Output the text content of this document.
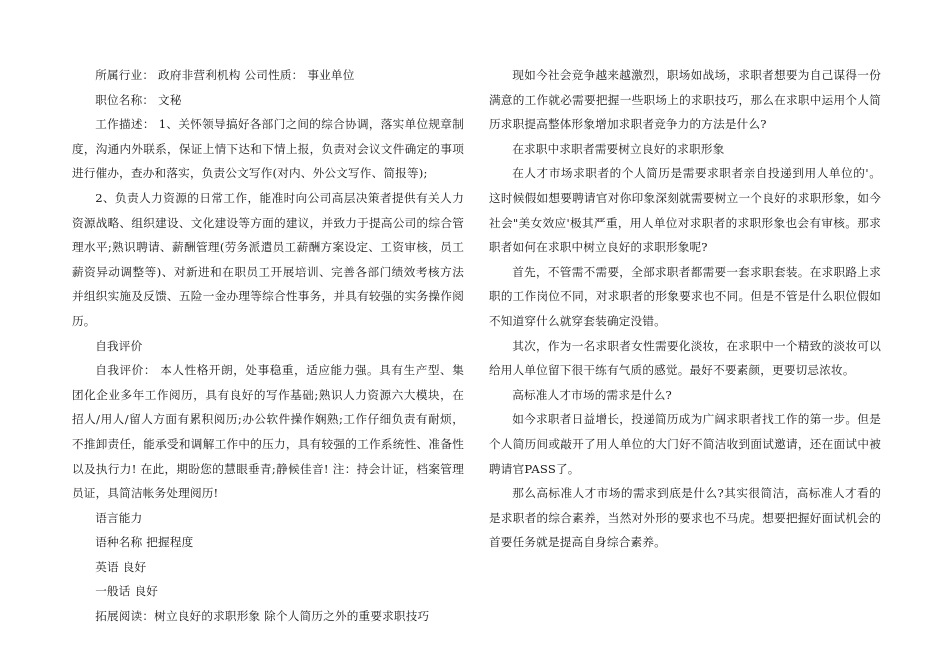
所属行业： 政府非营利机构 公司性质： 事业单位

职位名称： 文秘

工作描述： 1、关怀领导搞好各部门之间的综合协调，落实单位规章制度，沟通内外联系，保证上情下达和下情上报，负责对会议文件确定的事项进行催办，查办和落实，负责公文写作(对内、外公文写作、简报等);

2、负责人力资源的日常工作，能准时向公司高层决策者提供有关人力资源战略、组织建设、文化建设等方面的建议，并致力于提高公司的综合管理水平;熟识聘请、薪酬管理(劳务派遣员工薪酬方案设定、工资审核，员工薪资异动调整等)、对新进和在职员工开展培训、完善各部门绩效考核方法并组织实施及反馈、五险一金办理等综合性事务，并具有较强的实务操作阅历。

自我评价

自我评价： 本人性格开朗，处事稳重，适应能力强。具有生产型、集团化企业多年工作阅历，具有良好的写作基础;熟识人力资源六大模块，在招人/用人/留人方面有累积阅历;办公软件操作娴熟;工作仔细负责有耐烦，不推卸责任，能承受和调解工作中的压力，具有较强的工作系统性、准备性以及执行力! 在此，期盼您的慧眼垂青;静候佳音! 注：持会计证，档案管理员证，具简洁帐务处理阅历!

语言能力

语种名称 把握程度

英语 良好

一般话 良好

拓展阅读：树立良好的求职形象 除个人简历之外的重要求职技巧

现如今社会竞争越来越激烈，职场如战场，求职者想要为自己谋得一份满意的工作就必需要把握一些职场上的求职技巧，那么在求职中运用个人简历求职提高整体形象增加求职者竞争力的方法是什么?

在求职中求职者需要树立良好的求职形象

在人才市场求职者的个人简历是需要求职者亲自投递到用人单位的'。这时候假如想要聘请官对你印象深刻就需要树立一个良好的求职形象，如今社会"美女效应'极其严重，用人单位对求职者的求职形象也会有审核。那求职者如何在求职中树立良好的求职形象呢?

首先，不管需不需要，全部求职者都需要一套求职套装。在求职路上求职的工作岗位不同，对求职者的形象要求也不同。但是不管是什么职位假如不知道穿什么就穿套装确定没错。

其次，作为一名求职者女性需要化淡妆，在求职中一个精致的淡妆可以给用人单位留下很干练有气质的感觉。最好不要素颜，更要切忌浓妆。

高标准人才市场的需求是什么?

如今求职者日益增长，投递简历成为广阔求职者找工作的第一步。但是个人简历间或敲开了用人单位的大门好不简洁收到面试邀请，还在面试中被聘请官PASS了。

那么高标准人才市场的需求到底是什么?其实很简洁，高标准人才看的是求职者的综合素养，当然对外形的要求也不马虎。想要把握好面试机会的首要任务就是提高自身综合素养。
